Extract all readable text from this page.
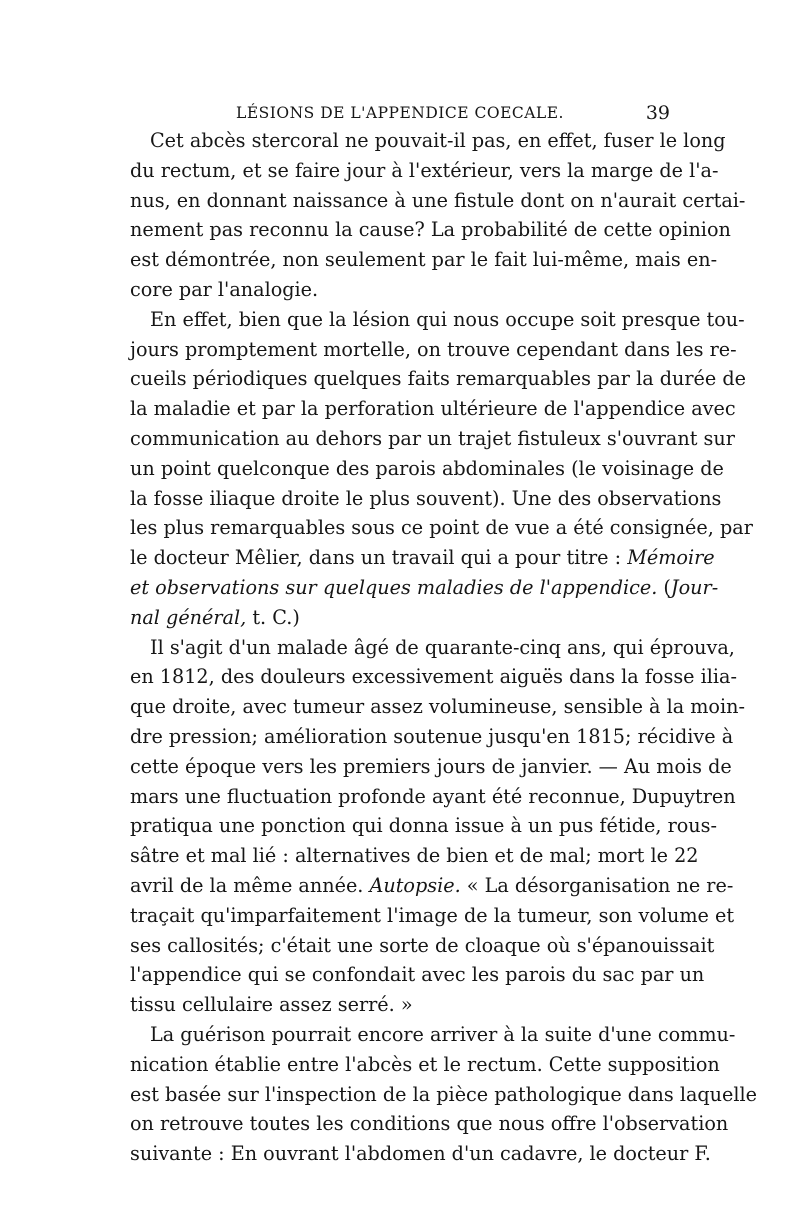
LÉSIONS DE L'APPENDICE COECALE.	39
Cet abcès stercoral ne pouvait-il pas, en effet, fuser le long
du rectum, et se faire jour à l'extérieur, vers la marge de l'a-
nus, en donnant naissance à une fistule dont on n'aurait certai-
nement pas reconnu la cause? La probabilité de cette opinion
est démontrée, non seulement par le fait lui-même, mais en-
core par l'analogie.
En effet, bien que la lésion qui nous occupe soit presque tou-
jours promptement mortelle, on trouve cependant dans les re-
cueils périodiques quelques faits remarquables par la durée de
la maladie et par la perforation ultérieure de l'appendice avec
communication au dehors par un trajet fistuleux s'ouvrant sur
un point quelconque des parois abdominales (le voisinage de
la fosse iliaque droite le plus souvent). Une des observations
les plus remarquables sous ce point de vue a été consignée, par
le docteur Mêlier, dans un travail qui a pour titre : Mémoire
et observations sur quelques maladies de l'appendice. (Jour-
nal général, t. C.)
Il s'agit d'un malade âgé de quarante-cinq ans, qui éprouva,
en 1812, des douleurs excessivement aiguës dans la fosse ilia-
que droite, avec tumeur assez volumineuse, sensible à la moin-
dre pression; amélioration soutenue jusqu'en 1815; récidive à
cette époque vers les premiers jours de janvier. — Au mois de
mars une fluctuation profonde ayant été reconnue, Dupuytren
pratiqua une ponction qui donna issue à un pus fétide, rous-
sâtre et mal lié : alternatives de bien et de mal; mort le 22
avril de la même année. Autopsie. « La désorganisation ne re-
traçait qu'imparfaitement l'image de la tumeur, son volume et
ses callosités; c'était une sorte de cloaque où s'épanouissait
l'appendice qui se confondait avec les parois du sac par un
tissu cellulaire assez serré. »
La guérison pourrait encore arriver à la suite d'une commu-
nication établie entre l'abcès et le rectum. Cette supposition
est basée sur l'inspection de la pièce pathologique dans laquelle
on retrouve toutes les conditions que nous offre l'observation
suivante : En ouvrant l'abdomen d'un cadavre, le docteur F.
